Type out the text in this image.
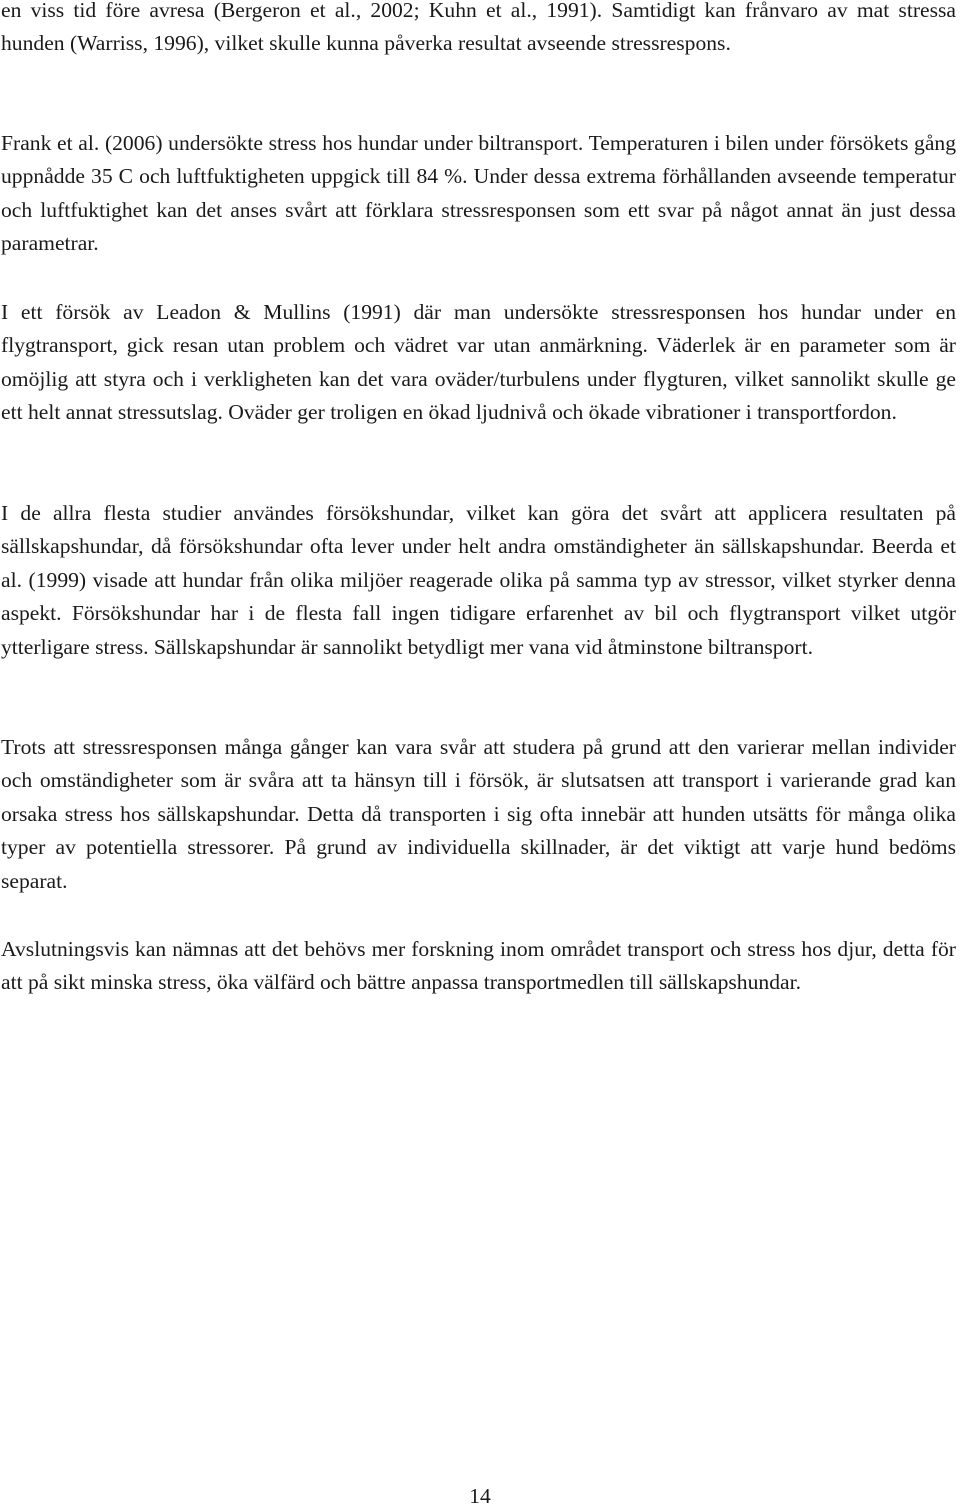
en viss tid före avresa (Bergeron et al., 2002; Kuhn et al., 1991). Samtidigt kan frånvaro av mat stressa hunden (Warriss, 1996), vilket skulle kunna påverka resultat avseende stressrespons.

Frank et al. (2006) undersökte stress hos hundar under biltransport. Temperaturen i bilen under försökets gång uppnådde 35 C och luftfuktigheten uppgick till 84 %. Under dessa extrema förhållanden avseende temperatur och luftfuktighet kan det anses svårt att förklara stressresponsen som ett svar på något annat än just dessa parametrar.

I ett försök av Leadon & Mullins (1991) där man undersökte stressresponsen hos hundar under en flygtransport, gick resan utan problem och vädret var utan anmärkning. Väderlek är en parameter som är omöjlig att styra och i verkligheten kan det vara oväder/turbulens under flygturen, vilket sannolikt skulle ge ett helt annat stressutslag. Oväder ger troligen en ökad ljudnivå och ökade vibrationer i transportfordon.

I de allra flesta studier användes försökshundar, vilket kan göra det svårt att applicera resultaten på sällskapshundar, då försökshundar ofta lever under helt andra omständigheter än sällskapshundar. Beerda et al. (1999) visade att hundar från olika miljöer reagerade olika på samma typ av stressor, vilket styrker denna aspekt. Försökshundar har i de flesta fall ingen tidigare erfarenhet av bil och flygtransport vilket utgör ytterligare stress. Sällskapshundar är sannolikt betydligt mer vana vid åtminstone biltransport.

Trots att stressresponsen många gånger kan vara svår att studera på grund att den varierar mellan individer och omständigheter som är svåra att ta hänsyn till i försök, är slutsatsen att transport i varierande grad kan orsaka stress hos sällskapshundar. Detta då transporten i sig ofta innebär att hunden utsätts för många olika typer av potentiella stressorer. På grund av individuella skillnader, är det viktigt att varje hund bedöms separat.

Avslutningsvis kan nämnas att det behövs mer forskning inom området transport och stress hos djur, detta för att på sikt minska stress, öka välfärd och bättre anpassa transportmedlen till sällskapshundar.

14
